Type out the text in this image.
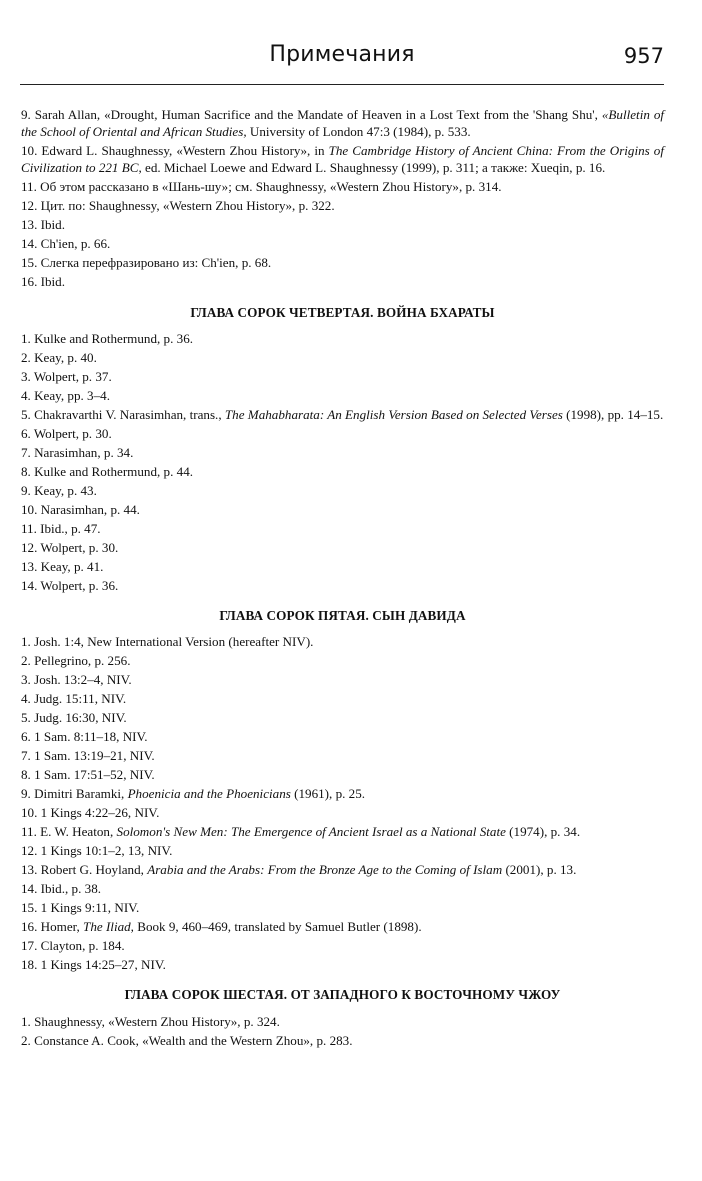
Примечания	957

9. Sarah Allan, «Drought, Human Sacrifice and the Mandate of Heaven in a Lost Text from the 'Shang Shu', «Bulletin of the School of Oriental and African Studies, University of London 47:3 (1984), p. 533.

10. Edward L. Shaughnessy, «Western Zhou History», in The Cambridge History of Ancient China: From the Origins of Civilization to 221 BC, ed. Michael Loewe and Edward L. Shaughnessy (1999), p. 311; а также: Xueqin, p. 16.

11. Об этом рассказано в «Шань-шу»; см. Shaughnessy, «Western Zhou History», p. 314.

12. Цит. по: Shaughnessy, «Western Zhou History», p. 322.

13. Ibid.

14. Ch'ien, p. 66.

15. Слегка перефразировано из: Ch'ien, p. 68.

16. Ibid.

ГЛАВА СОРОК ЧЕТВЕРТАЯ. ВОЙНА БХАРАТЫ

1. Kulke and Rothermund, p. 36.

2. Keay, p. 40.

3. Wolpert, p. 37.

4. Keay, pp. 3–4.

5. Chakravarthi V. Narasimhan, trans., The Mahabharata: An English Version Based on Selected Verses (1998), pp. 14–15.

6. Wolpert, p. 30.

7. Narasimhan, p. 34.

8. Kulke and Rothermund, p. 44.

9. Keay, p. 43.

10. Narasimhan, p. 44.

11. Ibid., p. 47.

12. Wolpert, p. 30.

13. Keay, p. 41.

14. Wolpert, p. 36.

ГЛАВА СОРОК ПЯТАЯ. СЫН ДАВИДА

1. Josh. 1:4, New International Version (hereafter NIV).

2. Pellegrino, p. 256.

3. Josh. 13:2–4, NIV.

4. Judg. 15:11, NIV.

5. Judg. 16:30, NIV.

6. 1 Sam. 8:11–18, NIV.

7. 1 Sam. 13:19–21, NIV.

8. 1 Sam. 17:51–52, NIV.

9. Dimitri Baramki, Phoenicia and the Phoenicians (1961), p. 25.

10. 1 Kings 4:22–26, NIV.

11. E. W. Heaton, Solomon's New Men: The Emergence of Ancient Israel as a National State (1974), p. 34.

12. 1 Kings 10:1–2, 13, NIV.

13. Robert G. Hoyland, Arabia and the Arabs: From the Bronze Age to the Coming of Islam (2001), p. 13.

14. Ibid., p. 38.

15. 1 Kings 9:11, NIV.

16. Homer, The Iliad, Book 9, 460–469, translated by Samuel Butler (1898).

17. Clayton, p. 184.

18. 1 Kings 14:25–27, NIV.

ГЛАВА СОРОК ШЕСТАЯ. ОТ ЗАПАДНОГО К ВОСТОЧНОМУ ЧЖОУ

1. Shaughnessy, «Western Zhou History», p. 324.

2. Constance A. Cook, «Wealth and the Western Zhou», p. 283.
